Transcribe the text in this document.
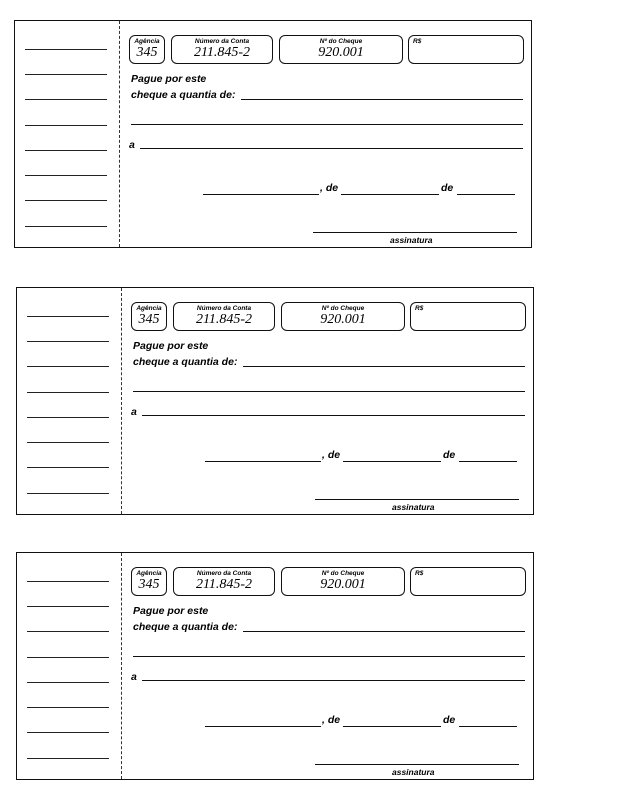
Agência
345
Número da Conta
211.845-2
Nº do Cheque
920.001
R$
Pague por este
cheque a quantia de:
a
, de	de
assinatura
Agência
345
Número da Conta
211.845-2
Nº do Cheque
920.001
R$
Pague por este
cheque a quantia de:
a
, de	de
assinatura
Agência
345
Número da Conta
211.845-2
Nº do Cheque
920.001
R$
Pague por este
cheque a quantia de:
a
, de	de
assinatura
